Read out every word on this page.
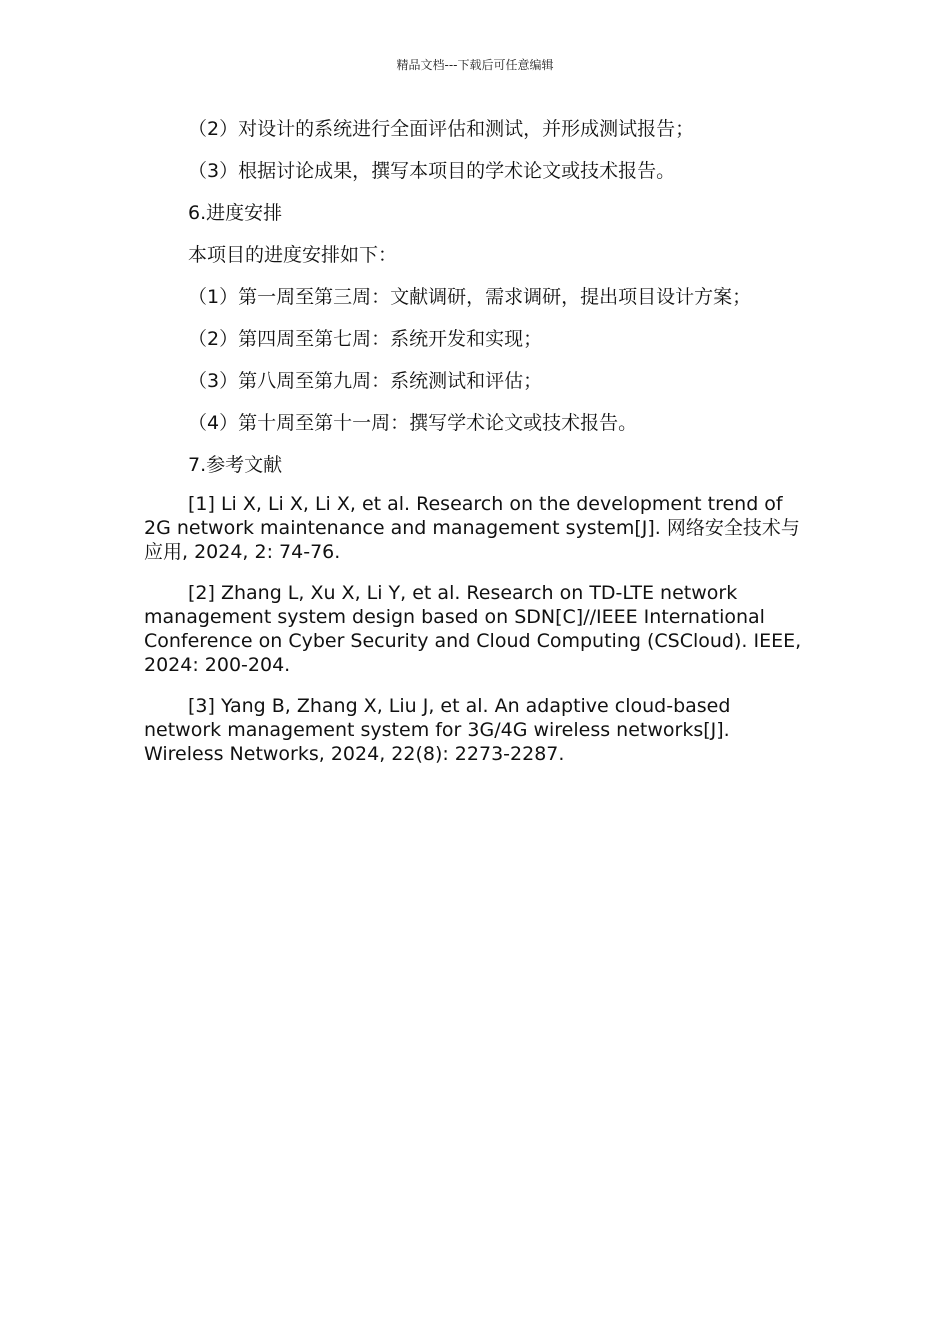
精品文档---下载后可任意编辑
（2）对设计的系统进行全面评估和测试，并形成测试报告；
（3）根据讨论成果，撰写本项目的学术论文或技术报告。
6.进度安排
本项目的进度安排如下：
（1）第一周至第三周：文献调研，需求调研，提出项目设计方案；
（2）第四周至第七周：系统开发和实现；
（3）第八周至第九周：系统测试和评估；
（4）第十周至第十一周：撰写学术论文或技术报告。
7.参考文献
[1] Li X, Li X, Li X, et al. Research on the development trend of 2G network maintenance and management system[J]. 网络安全技术与应用, 2024, 2: 74-76.
[2] Zhang L, Xu X, Li Y, et al. Research on TD-LTE network management system design based on SDN[C]//IEEE International Conference on Cyber Security and Cloud Computing (CSCloud). IEEE, 2024: 200-204.
[3] Yang B, Zhang X, Liu J, et al. An adaptive cloud-based network management system for 3G/4G wireless networks[J]. Wireless Networks, 2024, 22(8): 2273-2287.
